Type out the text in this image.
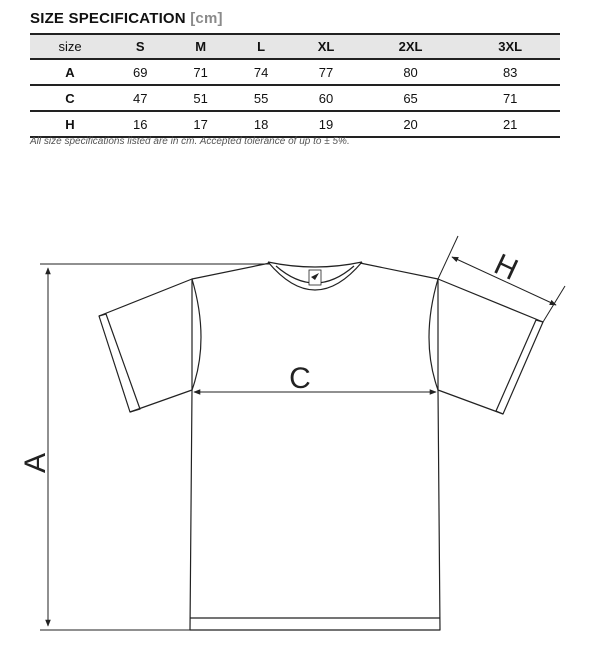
SIZE SPECIFICATION [cm]
size	S	M	L	XL	2XL	3XL
A	69	71	74	77	80	83
C	47	51	55	60	65	71
H	16	17	18	19	20	21
All size specifications listed are in cm. Accepted tolerance of up to ± 5%.
A
C
H
